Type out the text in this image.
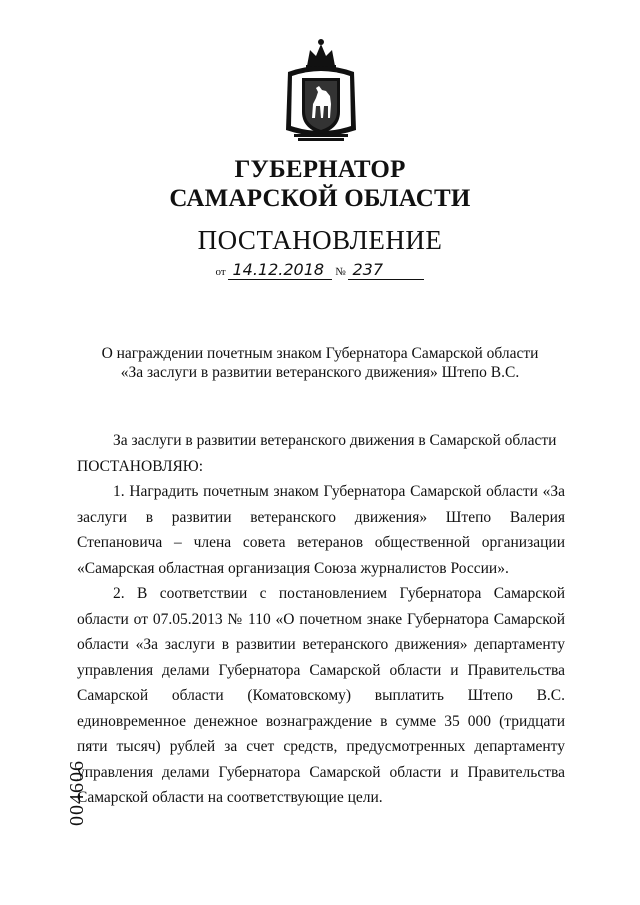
ГУБЕРНАТОР
САМАРСКОЙ ОБЛАСТИ
ПОСТАНОВЛЕНИЕ
от 14.12.2018 № 237
О награждении почетным знаком Губернатора Самарской области
«За заслуги в развитии ветеранского движения» Штепо В.С.

За заслуги в развитии ветеранского движения в Самарской области

ПОСТАНОВЛЯЮ:

1. Наградить почетным знаком Губернатора Самарской области «За заслуги в развитии ветеранского движения» Штепо Валерия Степановича – члена совета ветеранов общественной организации «Самарская областная организация Союза журналистов России».

2. В соответствии с постановлением Губернатора Самарской области от 07.05.2013 № 110 «О почетном знаке Губернатора Самарской области «За заслуги в развитии ветеранского движения» департаменту управления делами Губернатора Самарской области и Правительства Самарской области (Коматовскому) выплатить Штепо В.С. единовременное денежное вознаграждение в сумме 35 000 (тридцати пяти тысяч) рублей за счет средств, предусмотренных департаменту управления делами Губернатора Самарской области и Правительства Самарской области на соответствующие цели.

004606
